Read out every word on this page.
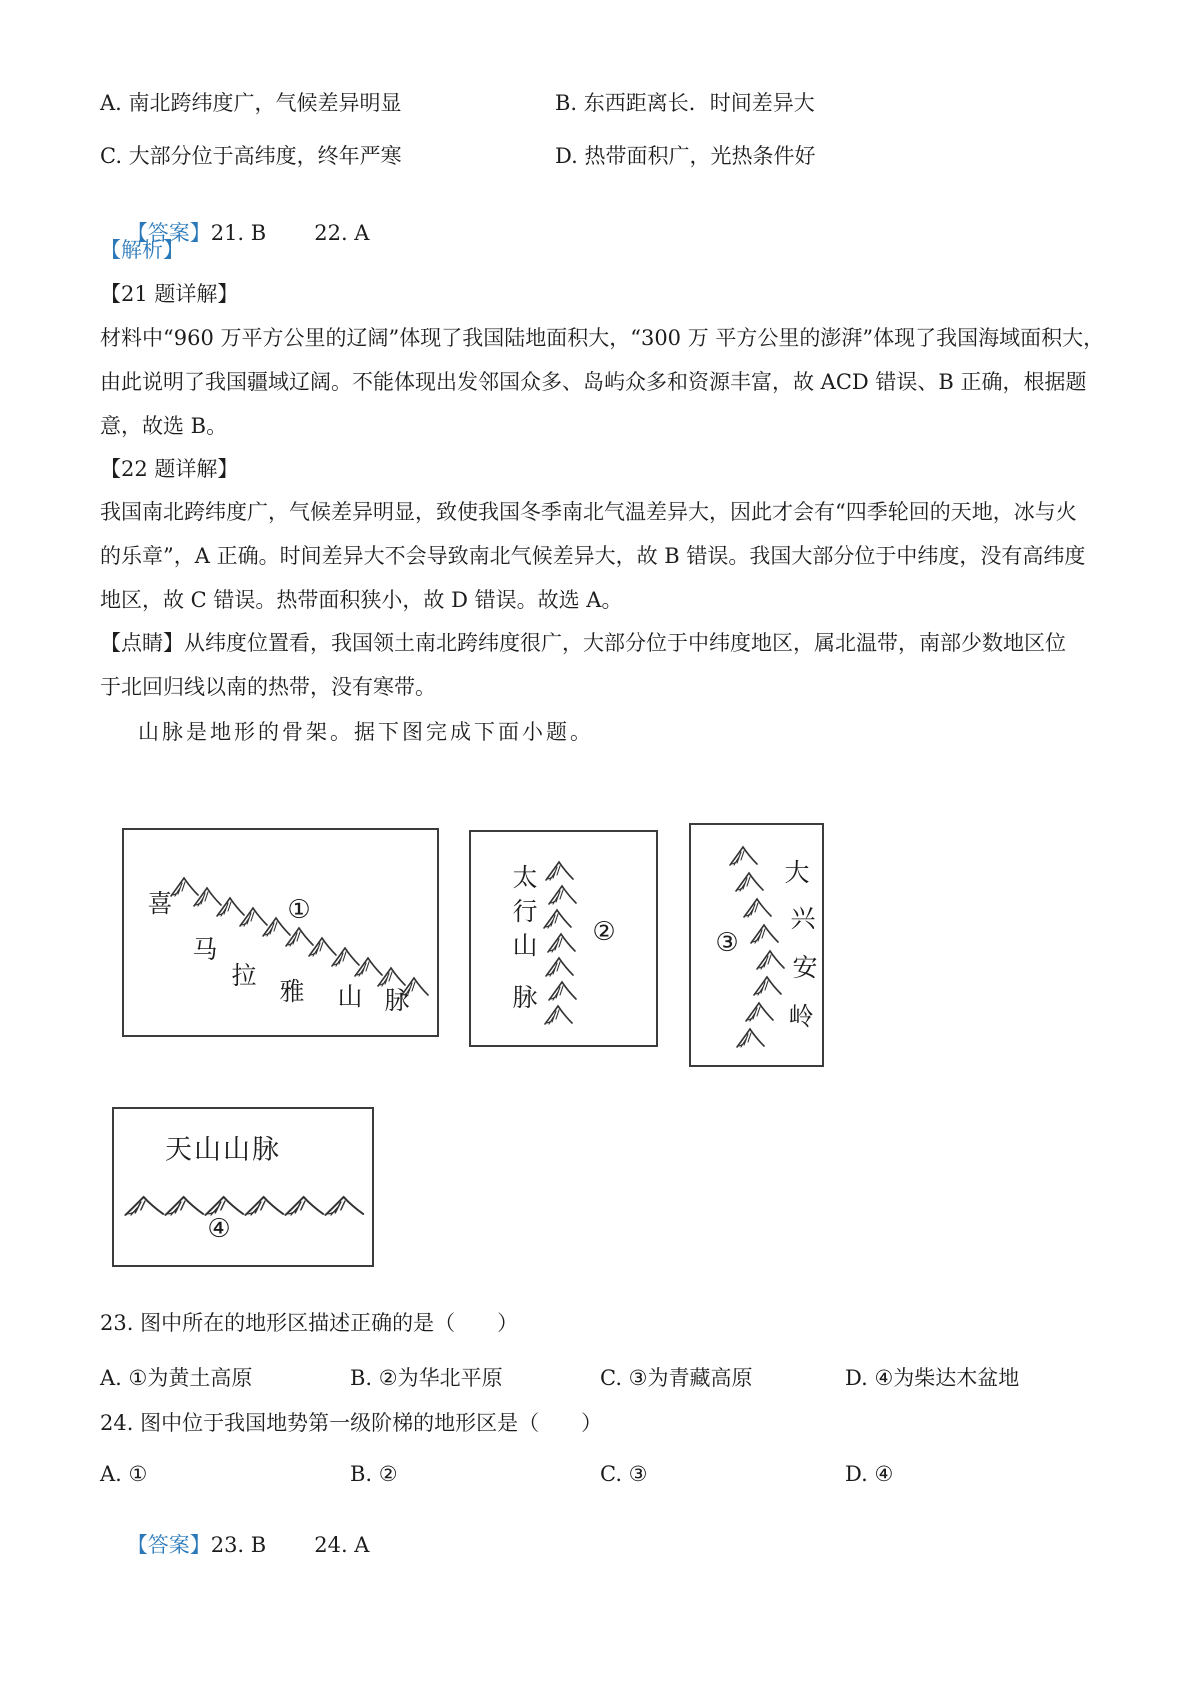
A. 南北跨纬度广，气候差异明显	B. 东西距离长．时间差异大
C. 大部分位于高纬度，终年严寒	D. 热带面积广，光热条件好

【答案】21. B 22. A

【解析】
【21 题详解】
材料中“960 万平方公里的辽阔”体现了我国陆地面积大，“300 万 平方公里的澎湃”体现了我国海域面积大，
由此说明了我国疆域辽阔。不能体现出发邻国众多、岛屿众多和资源丰富，故 ACD 错误、B 正确，根据题
意，故选 B。
【22 题详解】
我国南北跨纬度广，气候差异明显，致使我国冬季南北气温差异大，因此才会有“四季轮回的天地，冰与火
的乐章”，A 正确。时间差异大不会导致南北气候差异大，故 B 错误。我国大部分位于中纬度，没有高纬度
地区，故 C 错误。热带面积狭小，故 D 错误。故选 A。
【点睛】从纬度位置看，我国领土南北跨纬度很广，大部分位于中纬度地区，属北温带，南部少数地区位
于北回归线以南的热带，没有寒带。
山脉是地形的骨架。据下图完成下面小题。
喜
马
拉
雅 山 脉
①
太
行
山
脉
②
大
兴
安
岭
③
天山山脉
④
23. 图中所在的地形区描述正确的是（　　）
A. ①为黄土高原	B. ②为华北平原	C. ③为青藏高原	D. ④为柴达木盆地
24. 图中位于我国地势第一级阶梯的地形区是（　　）
A. ①	B. ②	C. ③	D. ④

【答案】23. B 24. A
